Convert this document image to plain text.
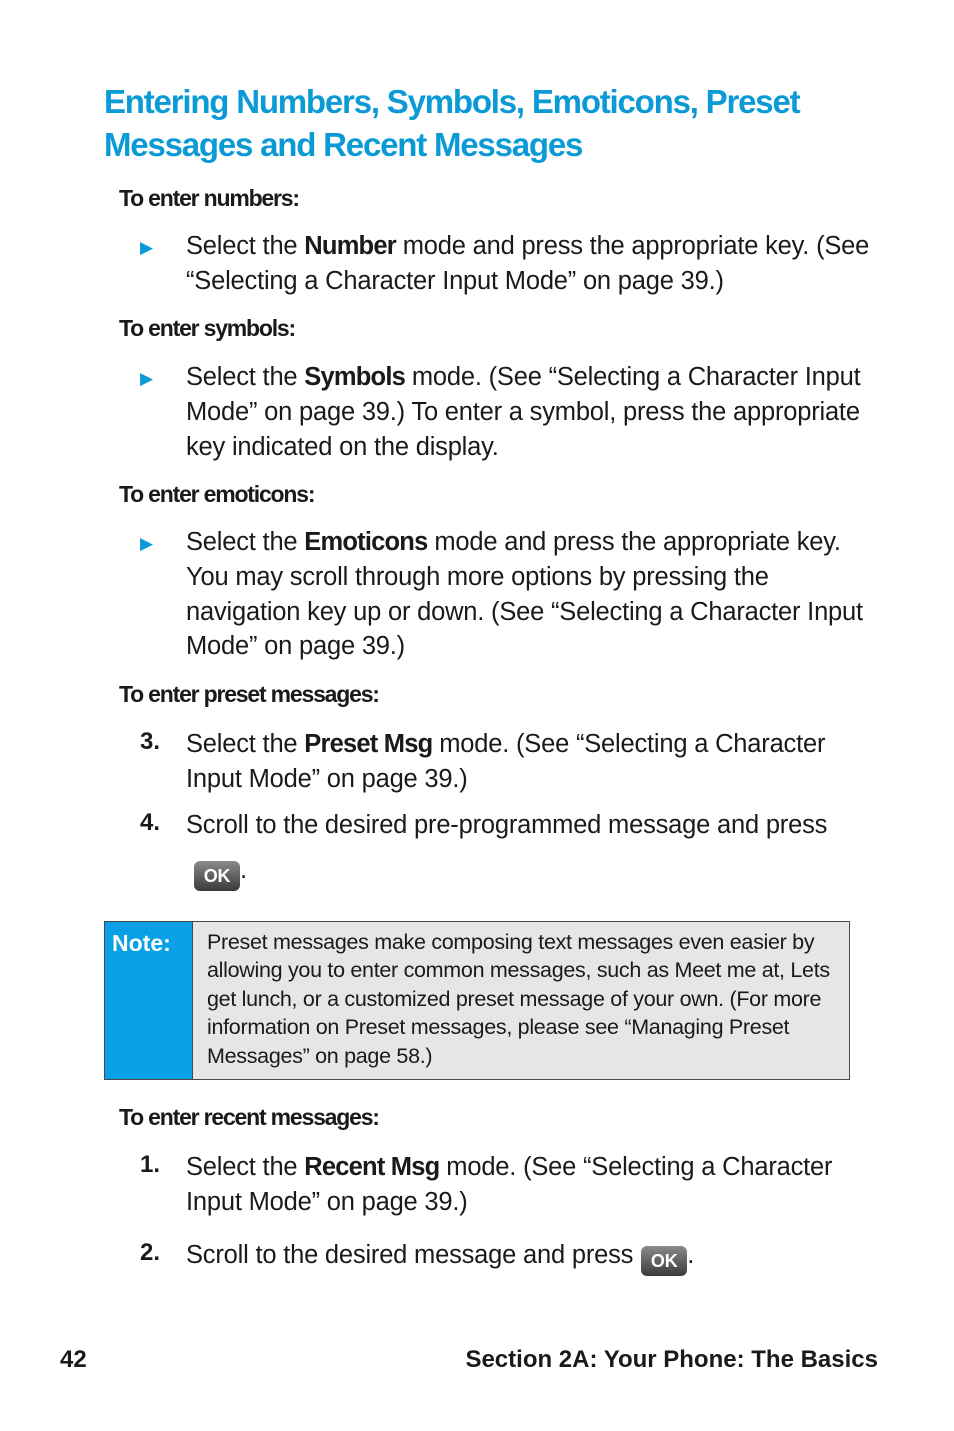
Entering Numbers, Symbols, Emoticons, Preset Messages and Recent Messages
To enter numbers:
▶ Select the Number mode and press the appropriate key. (See “Selecting a Character Input Mode” on page 39.)
To enter symbols:
▶ Select the Symbols mode. (See “Selecting a Character Input Mode” on page 39.) To enter a symbol, press the appropriate key indicated on the display.
To enter emoticons:
▶ Select the Emoticons mode and press the appropriate key. You may scroll through more options by pressing the navigation key up or down. (See “Selecting a Character Input Mode” on page 39.)
To enter preset messages:
3. Select the Preset Msg mode. (See “Selecting a Character Input Mode” on page 39.)
4. Scroll to the desired pre-programmed message and pressOK .
Note:	Preset messages make composing text messages even easier by allowing you to enter common messages, such as Meet me at, Lets get lunch, or a customized preset message of your own. (For more information on Preset messages, please see “Managing Preset Messages” on page 58.)
To enter recent messages:
1. Select the Recent Msg mode. (See “Selecting a Character Input Mode” on page 39.)
2. Scroll to the desired message and press OK .
42	Section 2A: Your Phone: The Basics
